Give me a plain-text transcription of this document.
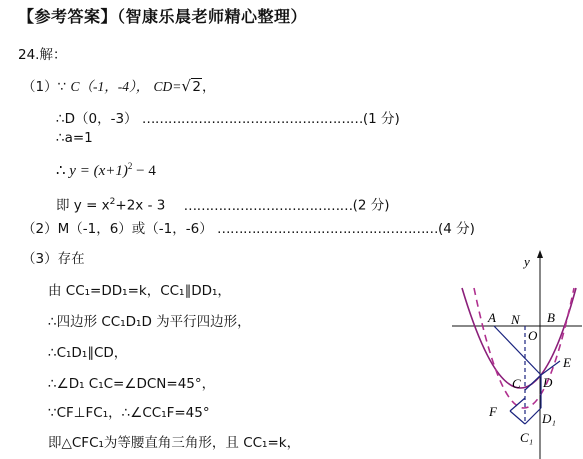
【参考答案】（智康乐晨老师精心整理）
24.解：
（1）∵ C（-1，-4）， CD=√ 2，
∴D（0，-3） ……………………………………………(1 分)
∴a=1
∴ $y = (x+1)^2 - 4$
即 $y = x^2+2x - 3$ …………………………………(2 分)
（2）M（-1，6）或（-1，-6） ……………………………………………(4 分)
（3）存在
由 CC₁=DD₁=k，CC₁∥DD₁，
∴四边形 CC₁D₁D 为平行四边形，
∴C₁D₁∥CD，
∴∠D₁ C₁C=∠DCN=45°，
∵CF⊥FC₁，∴∠CC₁F=45°
即△CFC₁为等腰直角三角形，且 CC₁=k，
y
A N
O
B
E
C D
F	D₁
C₁
